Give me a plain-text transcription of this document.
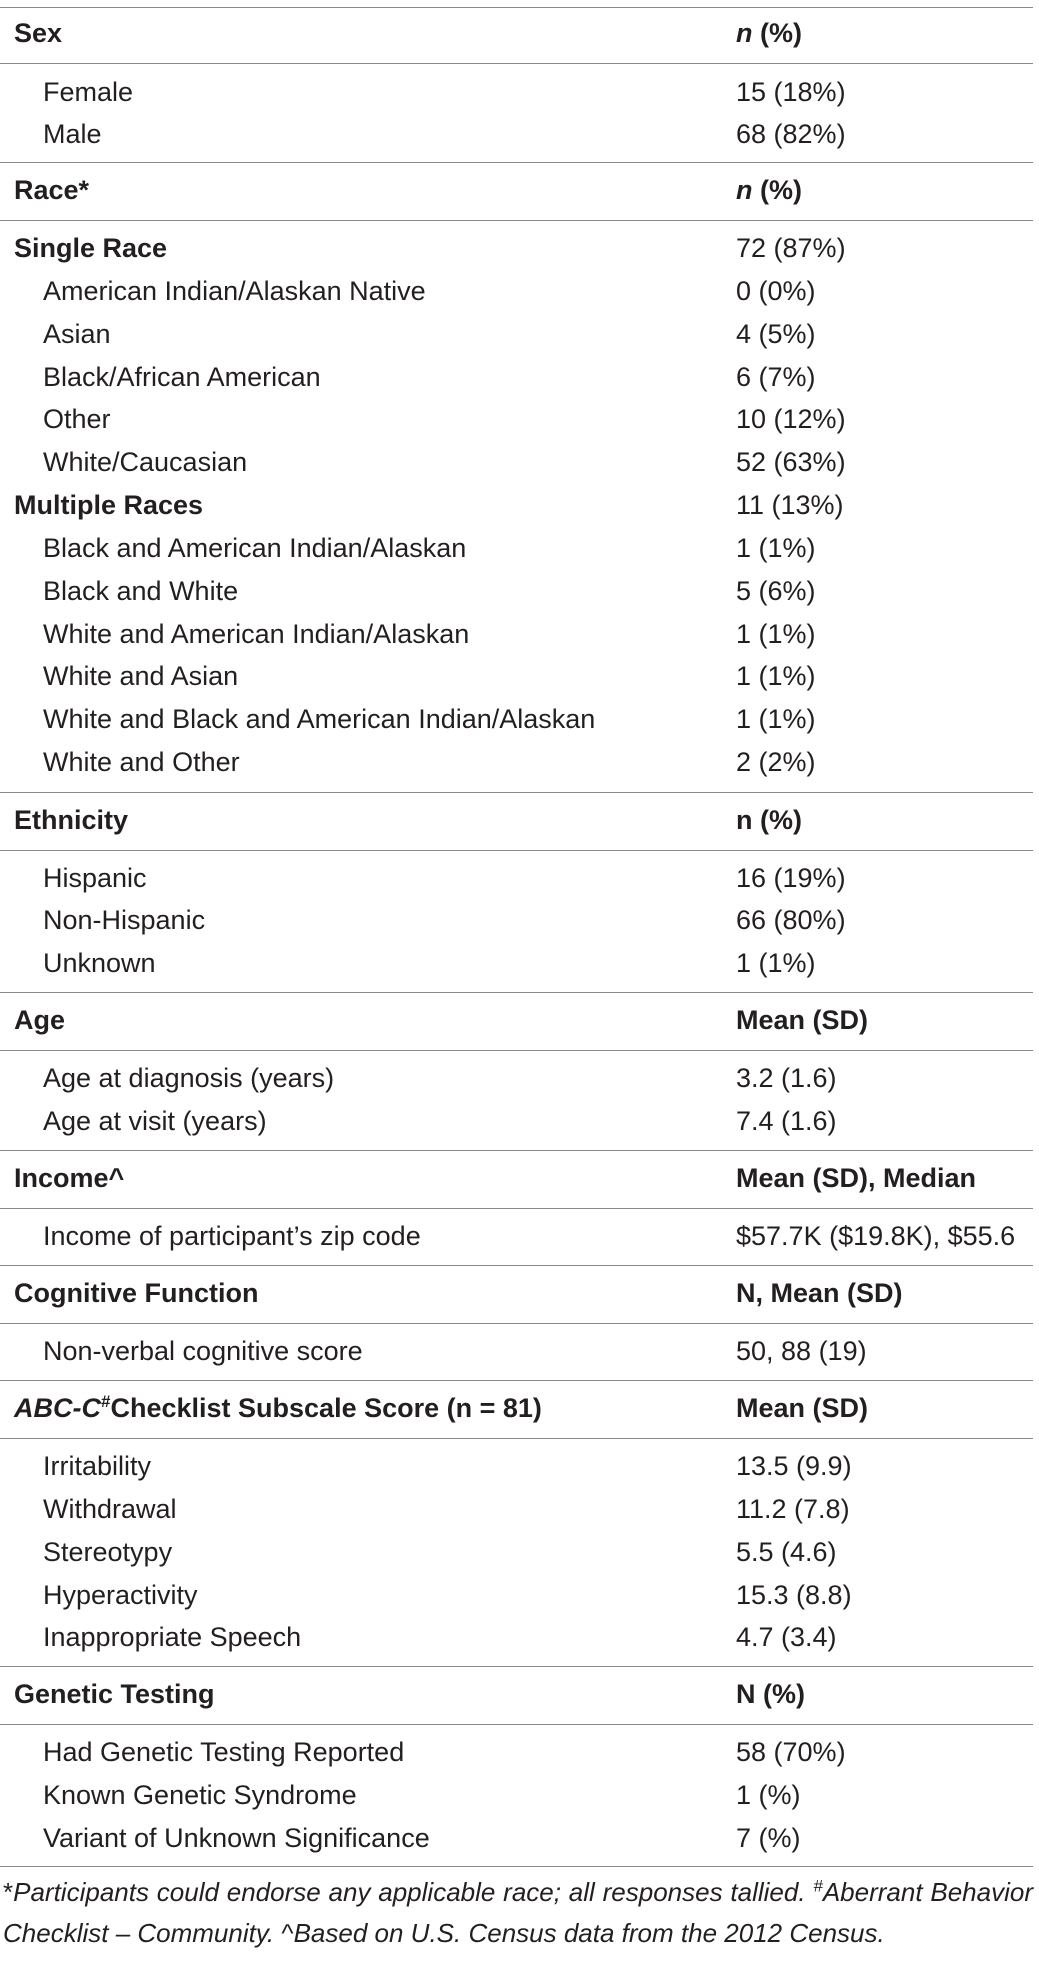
Sex	n (%)
Female	15 (18%)
Male	68 (82%)
Race*	n (%)
Single Race	72 (87%)
American Indian/Alaskan Native	0 (0%)
Asian	4 (5%)
Black/African American	6 (7%)
Other	10 (12%)
White/Caucasian	52 (63%)
Multiple Races	11 (13%)
Black and American Indian/Alaskan	1 (1%)
Black and White	5 (6%)
White and American Indian/Alaskan	1 (1%)
White and Asian	1 (1%)
White and Black and American Indian/Alaskan	1 (1%)
White and Other	2 (2%)
Ethnicity	n (%)
Hispanic	16 (19%)
Non-Hispanic	66 (80%)
Unknown	1 (1%)
Age	Mean (SD)
Age at diagnosis (years)	3.2 (1.6)
Age at visit (years)	7.4 (1.6)
Income^	Mean (SD), Median
Income of participant’s zip code	$57.7K ($19.8K), $55.6
Cognitive Function	N, Mean (SD)
Non-verbal cognitive score	50, 88 (19)
ABC-C#Checklist Subscale Score (n = 81)	Mean (SD)
Irritability	13.5 (9.9)
Withdrawal	11.2 (7.8)
Stereotypy	5.5 (4.6)
Hyperactivity	15.3 (8.8)
Inappropriate Speech	4.7 (3.4)
Genetic Testing	N (%)
Had Genetic Testing Reported	58 (70%)
Known Genetic Syndrome	1 (%)
Variant of Unknown Significance	7 (%)
*Participants could endorse any applicable race; all responses tallied. #Aberrant Behavior Checklist – Community. ^Based on U.S. Census data from the 2012 Census.
